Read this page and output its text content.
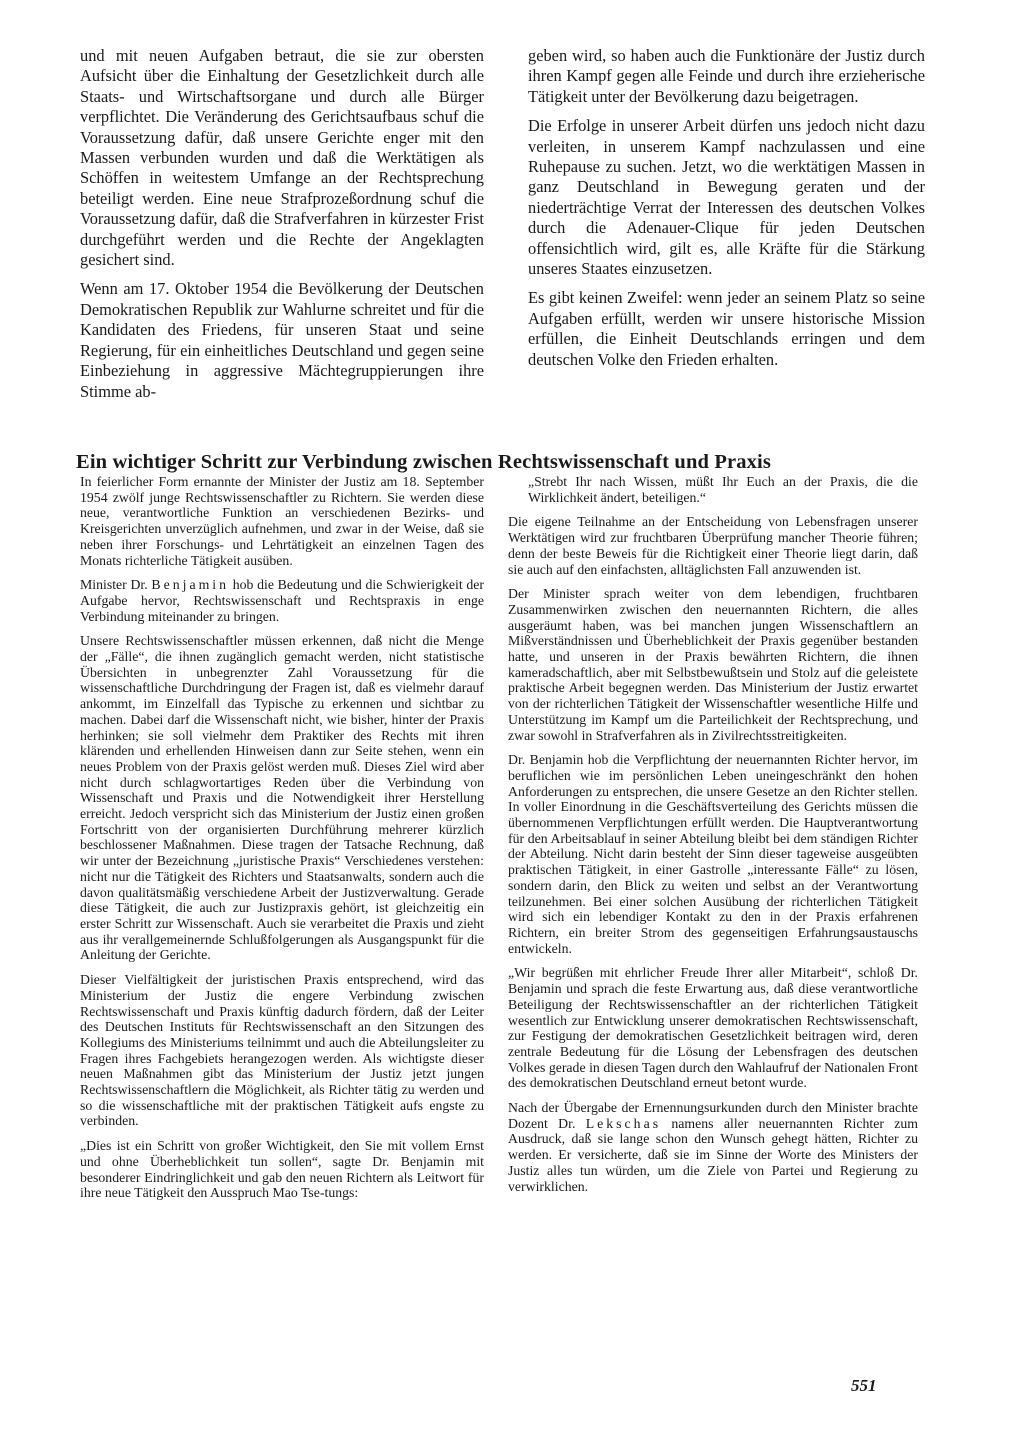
und mit neuen Aufgaben betraut, die sie zur obersten Aufsicht über die Einhaltung der Gesetzlichkeit durch alle Staats- und Wirtschaftsorgane und durch alle Bürger verpflichtet. Die Veränderung des Gerichtsaufbaus schuf die Voraussetzung dafür, daß unsere Gerichte enger mit den Massen verbunden wurden und daß die Werktätigen als Schöffen in weitestem Umfange an der Rechtsprechung beteiligt werden. Eine neue Strafprozeßordnung schuf die Voraussetzung dafür, daß die Strafverfahren in kürzester Frist durchgeführt werden und die Rechte der Angeklagten gesichert sind.

Wenn am 17. Oktober 1954 die Bevölkerung der Deutschen Demokratischen Republik zur Wahlurne schreitet und für die Kandidaten des Friedens, für unseren Staat und seine Regierung, für ein einheitliches Deutschland und gegen seine Einbeziehung in aggressive Mächtegruppierungen ihre Stimme ab-

geben wird, so haben auch die Funktionäre der Justiz durch ihren Kampf gegen alle Feinde und durch ihre erzieherische Tätigkeit unter der Bevölkerung dazu beigetragen.

Die Erfolge in unserer Arbeit dürfen uns jedoch nicht dazu verleiten, in unserem Kampf nachzulassen und eine Ruhepause zu suchen. Jetzt, wo die werktätigen Massen in ganz Deutschland in Bewegung geraten und der niederträchtige Verrat der Interessen des deutschen Volkes durch die Adenauer-Clique für jeden Deutschen offensichtlich wird, gilt es, alle Kräfte für die Stärkung unseres Staates einzusetzen.

Es gibt keinen Zweifel: wenn jeder an seinem Platz so seine Aufgaben erfüllt, werden wir unsere historische Mission erfüllen, die Einheit Deutschlands erringen und dem deutschen Volke den Frieden erhalten.

Ein wichtiger Schritt zur Verbindung zwischen Rechtswissenschaft und Praxis

In feierlicher Form ernannte der Minister der Justiz am 18. September 1954 zwölf junge Rechtswissenschaftler zu Richtern. Sie werden diese neue, verantwortliche Funktion an verschiedenen Bezirks- und Kreisgerichten unverzüglich aufnehmen, und zwar in der Weise, daß sie neben ihrer Forschungs- und Lehrtätigkeit an einzelnen Tagen des Monats richterliche Tätigkeit ausüben.

Minister Dr. Benjamin hob die Bedeutung und die Schwierigkeit der Aufgabe hervor, Rechtswissenschaft und Rechtspraxis in enge Verbindung miteinander zu bringen.

Unsere Rechtswissenschaftler müssen erkennen, daß nicht die Menge der „Fälle“, die ihnen zugänglich gemacht werden, nicht statistische Übersichten in unbegrenzter Zahl Voraussetzung für die wissenschaftliche Durchdringung der Fragen ist, daß es vielmehr darauf ankommt, im Einzelfall das Typische zu erkennen und sichtbar zu machen. Dabei darf die Wissenschaft nicht, wie bisher, hinter der Praxis herhinken; sie soll vielmehr dem Praktiker des Rechts mit ihren klärenden und erhellenden Hinweisen dann zur Seite stehen, wenn ein neues Problem von der Praxis gelöst werden muß. Dieses Ziel wird aber nicht durch schlagwortartiges Reden über die Verbindung von Wissenschaft und Praxis und die Notwendigkeit ihrer Herstellung erreicht. Jedoch verspricht sich das Ministerium der Justiz einen großen Fortschritt von der organisierten Durchführung mehrerer kürzlich beschlossener Maßnahmen. Diese tragen der Tatsache Rechnung, daß wir unter der Bezeichnung „juristische Praxis“ Verschiedenes verstehen: nicht nur die Tätigkeit des Richters und Staatsanwalts, sondern auch die davon qualitätsmäßig verschiedene Arbeit der Justizverwaltung. Gerade diese Tätigkeit, die auch zur Justizpraxis gehört, ist gleichzeitig ein erster Schritt zur Wissenschaft. Auch sie verarbeitet die Praxis und zieht aus ihr verallgemeinernde Schlußfolgerungen als Ausgangspunkt für die Anleitung der Gerichte.

Dieser Vielfältigkeit der juristischen Praxis entsprechend, wird das Ministerium der Justiz die engere Verbindung zwischen Rechtswissenschaft und Praxis künftig dadurch fördern, daß der Leiter des Deutschen Instituts für Rechtswissenschaft an den Sitzungen des Kollegiums des Ministeriums teilnimmt und auch die Abteilungsleiter zu Fragen ihres Fachgebiets herangezogen werden. Als wichtigste dieser neuen Maßnahmen gibt das Ministerium der Justiz jetzt jungen Rechtswissenschaftlern die Möglichkeit, als Richter tätig zu werden und so die wissenschaftliche mit der praktischen Tätigkeit aufs engste zu verbinden.

„Dies ist ein Schritt von großer Wichtigkeit, den Sie mit vollem Ernst und ohne Überheblichkeit tun sollen“, sagte Dr. Benjamin mit besonderer Eindringlichkeit und gab den neuen Richtern als Leitwort für ihre neue Tätigkeit den Ausspruch Mao Tse-tungs:

„Strebt Ihr nach Wissen, müßt Ihr Euch an der Praxis, die die Wirklichkeit ändert, beteiligen.“

Die eigene Teilnahme an der Entscheidung von Lebensfragen unserer Werktätigen wird zur fruchtbaren Überprüfung mancher Theorie führen; denn der beste Beweis für die Richtigkeit einer Theorie liegt darin, daß sie auch auf den einfachsten, alltäglichsten Fall anzuwenden ist.

Der Minister sprach weiter von dem lebendigen, fruchtbaren Zusammenwirken zwischen den neuernannten Richtern, die alles ausgeräumt haben, was bei manchen jungen Wissenschaftlern an Mißverständnissen und Überheblichkeit der Praxis gegenüber bestanden hatte, und unseren in der Praxis bewährten Richtern, die ihnen kameradschaftlich, aber mit Selbstbewußtsein und Stolz auf die geleistete praktische Arbeit begegnen werden. Das Ministerium der Justiz erwartet von der richterlichen Tätigkeit der Wissenschaftler wesentliche Hilfe und Unterstützung im Kampf um die Parteilichkeit der Rechtsprechung, und zwar sowohl in Strafverfahren als in Zivilrechtsstreitigkeiten.

Dr. Benjamin hob die Verpflichtung der neuernannten Richter hervor, im beruflichen wie im persönlichen Leben uneingeschränkt den hohen Anforderungen zu entsprechen, die unsere Gesetze an den Richter stellen. In voller Einordnung in die Geschäftsverteilung des Gerichts müssen die übernommenen Verpflichtungen erfüllt werden. Die Hauptverantwortung für den Arbeitsablauf in seiner Abteilung bleibt bei dem ständigen Richter der Abteilung. Nicht darin besteht der Sinn dieser tageweise ausgeübten praktischen Tätigkeit, in einer Gastrolle „interessante Fälle“ zu lösen, sondern darin, den Blick zu weiten und selbst an der Verantwortung teilzunehmen. Bei einer solchen Ausübung der richterlichen Tätigkeit wird sich ein lebendiger Kontakt zu den in der Praxis erfahrenen Richtern, ein breiter Strom des gegenseitigen Erfahrungsaustauschs entwickeln.

„Wir begrüßen mit ehrlicher Freude Ihrer aller Mitarbeit“, schloß Dr. Benjamin und sprach die feste Erwartung aus, daß diese verantwortliche Beteiligung der Rechtswissenschaftler an der richterlichen Tätigkeit wesentlich zur Entwicklung unserer demokratischen Rechtswissenschaft, zur Festigung der demokratischen Gesetzlichkeit beitragen wird, deren zentrale Bedeutung für die Lösung der Lebensfragen des deutschen Volkes gerade in diesen Tagen durch den Wahlaufruf der Nationalen Front des demokratischen Deutschland erneut betont wurde.

Nach der Übergabe der Ernennungsurkunden durch den Minister brachte Dozent Dr. Lekschas namens aller neuernannten Richter zum Ausdruck, daß sie lange schon den Wunsch gehegt hätten, Richter zu werden. Er versicherte, daß sie im Sinne der Worte des Ministers der Justiz alles tun würden, um die Ziele von Partei und Regierung zu verwirklichen.

551
